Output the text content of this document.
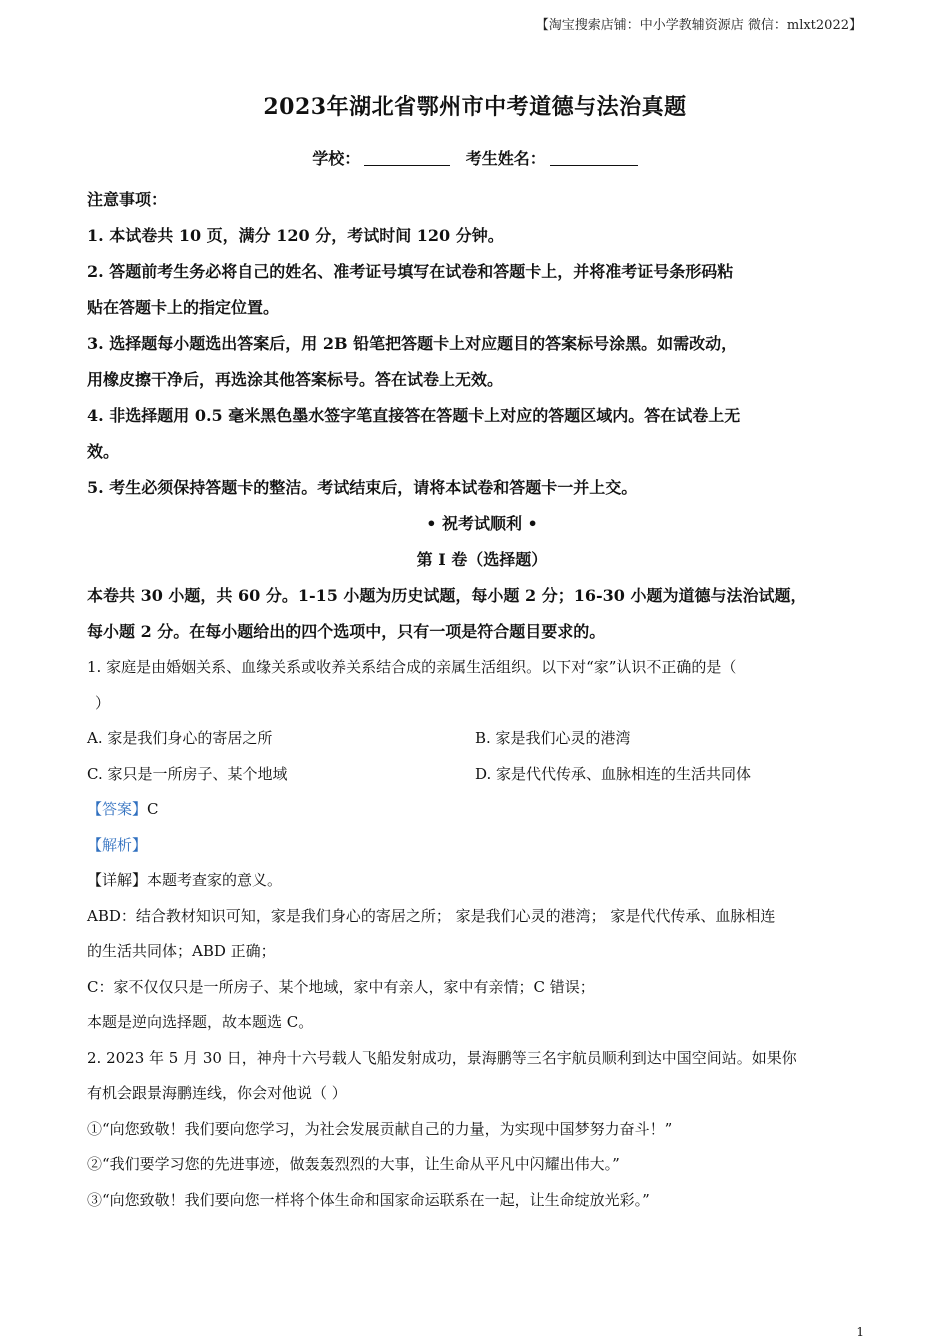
【淘宝搜索店铺：中小学教辅资源店 微信：mlxt2022】
2023年湖北省鄂州市中考道德与法治真题
学校：	考生姓名：
注意事项：
1. 本试卷共 10 页，满分 120 分，考试时间 120 分钟。
2. 答题前考生务必将自己的姓名、准考证号填写在试卷和答题卡上，并将准考证号条形码粘
贴在答题卡上的指定位置。
3. 选择题每小题选出答案后，用 2B 铅笔把答题卡上对应题目的答案标号涂黑。如需改动，
用橡皮擦干净后，再选涂其他答案标号。答在试卷上无效。
4. 非选择题用 0.5 毫米黑色墨水签字笔直接答在答题卡上对应的答题区域内。答在试卷上无
效。
5. 考生必须保持答题卡的整洁。考试结束后，请将本试卷和答题卡一并上交。
• 祝考试顺利 •
第 I 卷（选择题）
本卷共 30 小题，共 60 分。1-15 小题为历史试题，每小题 2 分；16-30 小题为道德与法治试题，
每小题 2 分。在每小题给出的四个选项中，只有一项是符合题目要求的。
1. 家庭是由婚姻关系、血缘关系或收养关系结合成的亲属生活组织。以下对“家”认识不正确的是（
）
A. 家是我们身心的寄居之所	B. 家是我们心灵的港湾
C. 家只是一所房子、某个地域	D. 家是代代传承、血脉相连的生活共同体
【答案】C
【解析】
【详解】本题考查家的意义。
ABD：结合教材知识可知，家是我们身心的寄居之所； 家是我们心灵的港湾； 家是代代传承、血脉相连
的生活共同体；ABD 正确；
C：家不仅仅只是一所房子、某个地域，家中有亲人，家中有亲情；C 错误；
本题是逆向选择题，故本题选 C。
2. 2023 年 5 月 30 日，神舟十六号载人飞船发射成功，景海鹏等三名宇航员顺利到达中国空间站。如果你
有机会跟景海鹏连线，你会对他说（ ）
①“向您致敬！我们要向您学习，为社会发展贡献自己的力量，为实现中国梦努力奋斗！”
②“我们要学习您的先进事迹，做轰轰烈烈的大事，让生命从平凡中闪耀出伟大。”
③“向您致敬！我们要向您一样将个体生命和国家命运联系在一起，让生命绽放光彩。”
1
